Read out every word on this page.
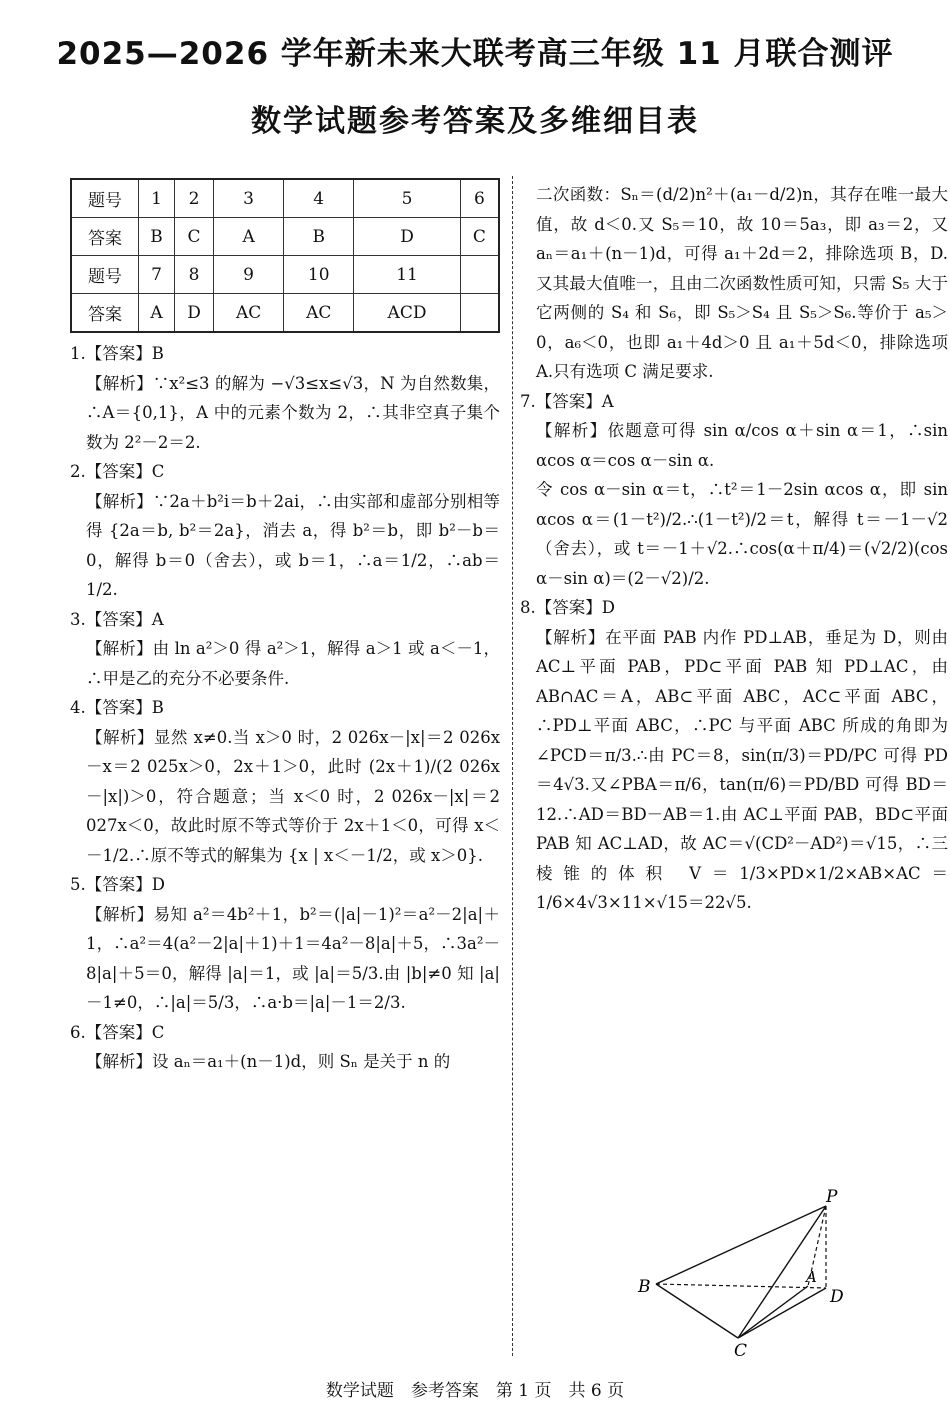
2025—2026 学年新未来大联考高三年级 11 月联合测评
数学试题参考答案及多维细目表
题号	1	2	3	4	5	6
答案	B	C	A	B	D	C
题号	7	8	9	10	11	
答案	A	D	AC	AC	ACD	

1.【答案】B

【解析】∵x²≤3 的解为 −√3≤x≤√3，N 为自然数集，∴A＝{0,1}，A 中的元素个数为 2，∴其非空真子集个数为 2²－2＝2.

2.【答案】C

【解析】∵2a＋b²i＝b＋2ai，∴由实部和虚部分别相等得 {2a＝b, b²＝2a}，消去 a，得 b²＝b，即 b²－b＝0，解得 b＝0（舍去），或 b＝1，∴a＝1/2，∴ab＝1/2.

3.【答案】A

【解析】由 ln a²＞0 得 a²＞1，解得 a＞1 或 a＜－1，∴甲是乙的充分不必要条件.

4.【答案】B

【解析】显然 x≠0.当 x＞0 时，2 026x－|x|＝2 026x－x＝2 025x＞0，2x＋1＞0，此时 (2x＋1)/(2 026x－|x|)＞0，符合题意；当 x＜0 时，2 026x－|x|＝2 027x＜0，故此时原不等式等价于 2x＋1＜0，可得 x＜－1/2.∴原不等式的解集为 {x | x＜－1/2，或 x＞0}.

5.【答案】D

【解析】易知 a²＝4b²＋1，b²＝(|a|－1)²＝a²－2|a|＋1，∴a²＝4(a²－2|a|＋1)＋1＝4a²－8|a|＋5，∴3a²－8|a|＋5＝0，解得 |a|＝1，或 |a|＝5/3.由 |b|≠0 知 |a|－1≠0，∴|a|＝5/3，∴a·b＝|a|－1＝2/3.

6.【答案】C

【解析】设 aₙ＝a₁＋(n－1)d，则 Sₙ 是关于 n 的

二次函数：Sₙ＝(d/2)n²＋(a₁－d/2)n，其存在唯一最大值，故 d＜0.又 S₅＝10，故 10＝5a₃，即 a₃＝2，又 aₙ＝a₁＋(n－1)d，可得 a₁＋2d＝2，排除选项 B，D.又其最大值唯一，且由二次函数性质可知，只需 S₅ 大于它两侧的 S₄ 和 S₆，即 S₅＞S₄ 且 S₅＞S₆.等价于 a₅＞0，a₆＜0，也即 a₁＋4d＞0 且 a₁＋5d＜0，排除选项 A.只有选项 C 满足要求.

7.【答案】A

【解析】依题意可得 sin α/cos α＋sin α＝1，∴sin αcos α＝cos α－sin α.

令 cos α－sin α＝t，∴t²＝1－2sin αcos α，即 sin αcos α＝(1－t²)/2.∴(1－t²)/2＝t，解得 t＝－1－√2（舍去），或 t＝－1＋√2.∴cos(α＋π/4)＝(√2/2)(cos α－sin α)＝(2－√2)/2.

8.【答案】D

【解析】在平面 PAB 内作 PD⊥AB，垂足为 D，则由 AC⊥平面 PAB，PD⊂平面 PAB 知 PD⊥AC，由 AB∩AC＝A，AB⊂平面 ABC，AC⊂平面 ABC，∴PD⊥平面 ABC，∴PC 与平面 ABC 所成的角即为∠PCD＝π/3.∴由 PC＝8，sin(π/3)＝PD/PC 可得 PD＝4√3.又∠PBA＝π/6，tan(π/6)＝PD/BD 可得 BD＝12.∴AD＝BD－AB＝1.由 AC⊥平面 PAB，BD⊂平面 PAB 知 AC⊥AD，故 AC＝√(CD²－AD²)＝√15，∴三棱锥的体积 V＝1/3×PD×1/2×AB×AC＝1/6×4√3×11×√15＝22√5.

P
B	A
D
C
数学试题　参考答案　第 1 页　共 6 页
